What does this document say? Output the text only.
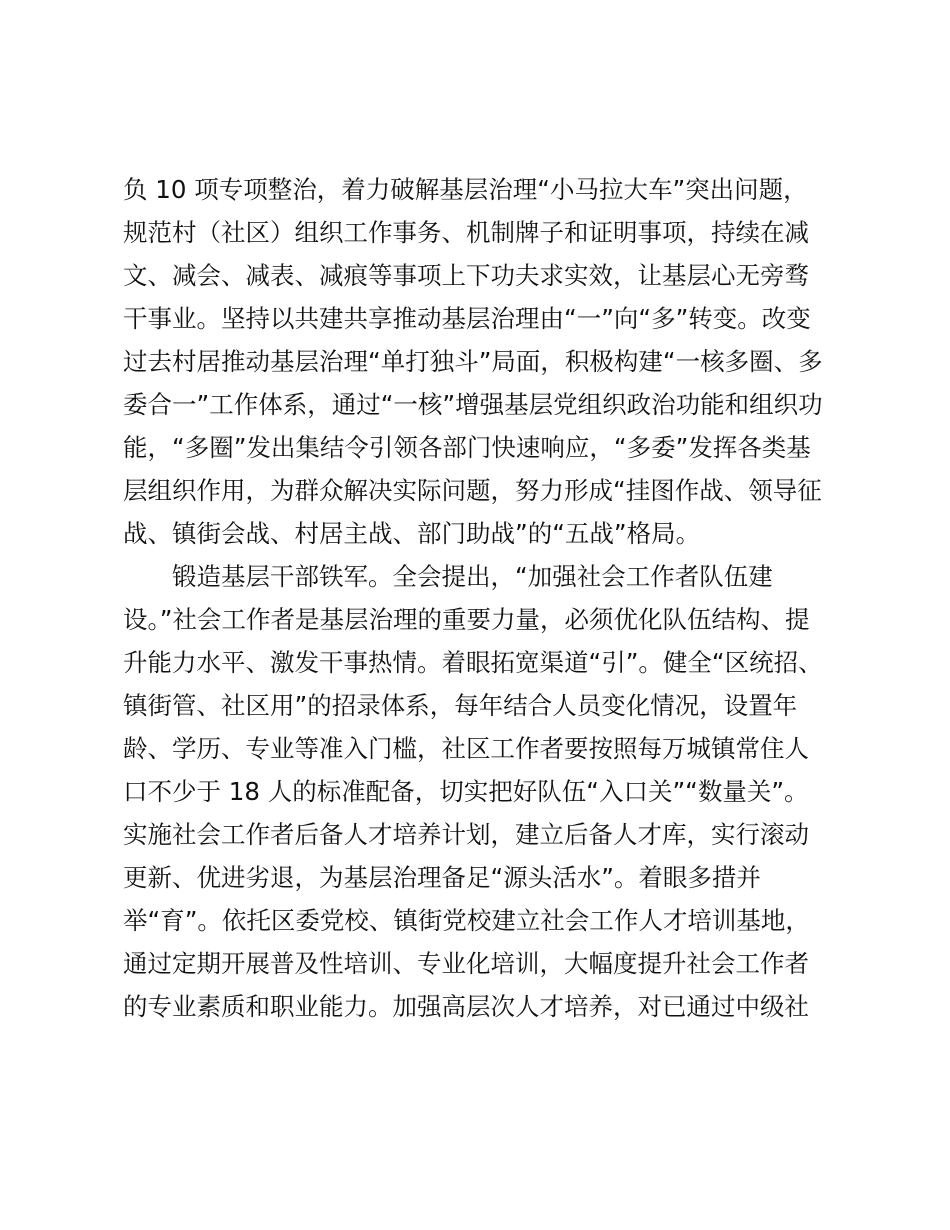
负 10 项专项整治，着力破解基层治理“小马拉大车”突出问题，
规范村（社区）组织工作事务、机制牌子和证明事项，持续在减
文、减会、减表、减痕等事项上下功夫求实效，让基层心无旁骛
干事业。坚持以共建共享推动基层治理由“一”向“多”转变。改变
过去村居推动基层治理“单打独斗”局面，积极构建“一核多圈、多
委合一”工作体系，通过“一核”增强基层党组织政治功能和组织功
能，“多圈”发出集结令引领各部门快速响应，“多委”发挥各类基
层组织作用，为群众解决实际问题，努力形成“挂图作战、领导征
战、镇街会战、村居主战、部门助战”的“五战”格局。
锻造基层干部铁军。全会提出，“加强社会工作者队伍建
设。”社会工作者是基层治理的重要力量，必须优化队伍结构、提
升能力水平、激发干事热情。着眼拓宽渠道“引”。健全“区统招、
镇街管、社区用”的招录体系，每年结合人员变化情况，设置年
龄、学历、专业等准入门槛，社区工作者要按照每万城镇常住人
口不少于 18 人的标准配备，切实把好队伍“入口关”“数量关”。
实施社会工作者后备人才培养计划，建立后备人才库，实行滚动
更新、优进劣退，为基层治理备足“源头活水”。着眼多措并
举“育”。依托区委党校、镇街党校建立社会工作人才培训基地，
通过定期开展普及性培训、专业化培训，大幅度提升社会工作者
的专业素质和职业能力。加强高层次人才培养，对已通过中级社
